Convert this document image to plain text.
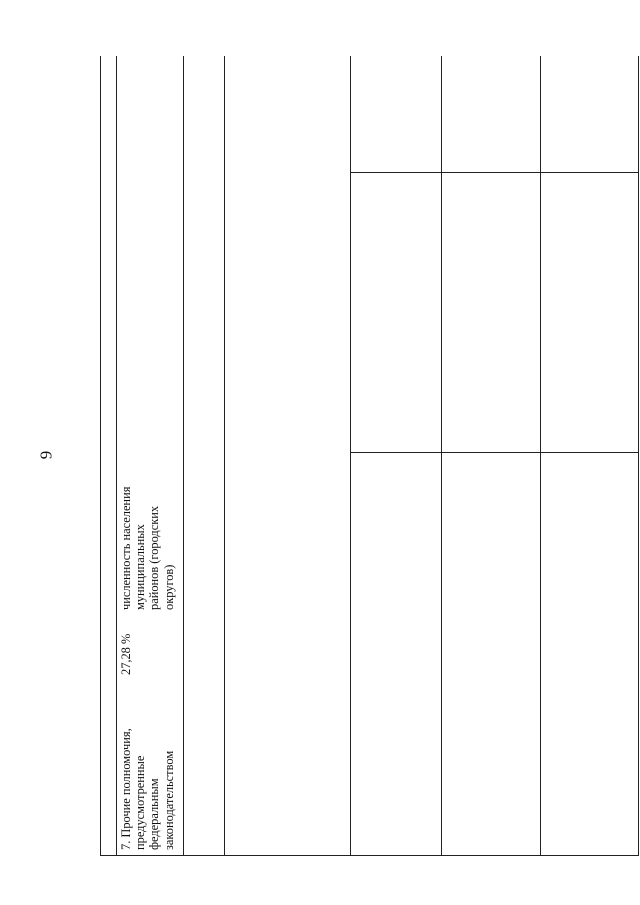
9
7. Прочие полномочия,
предусмотренные
федеральным
законодательством
27,28 %
численность населения
муниципальных
районов (городских
округов)
